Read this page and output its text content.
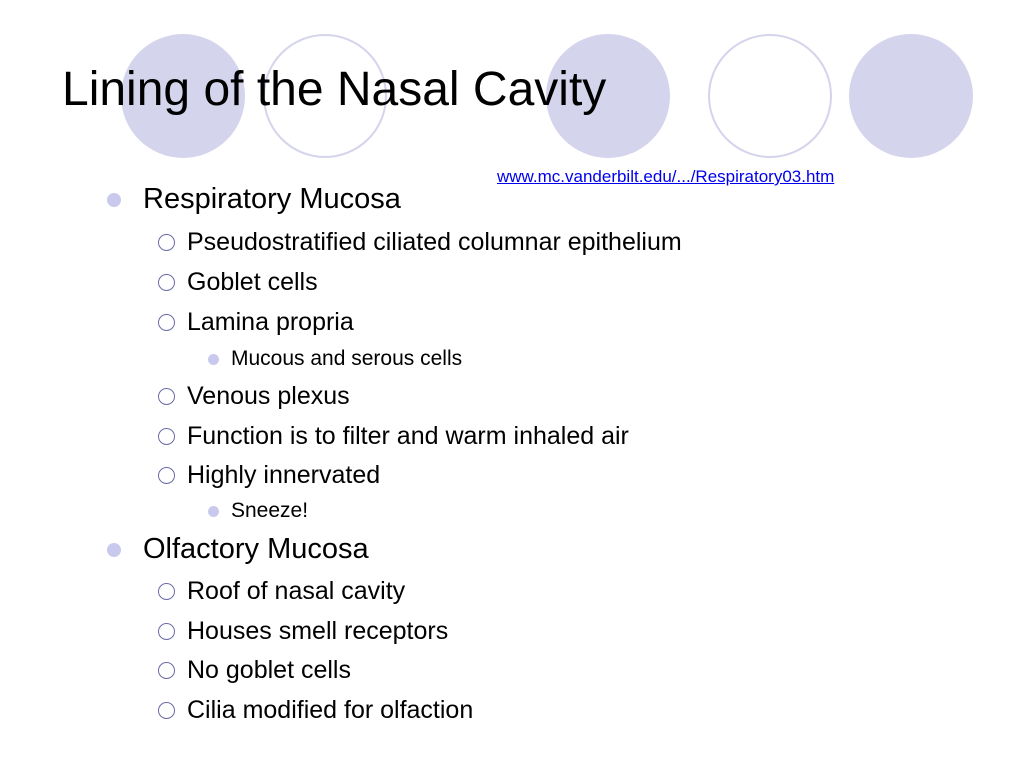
Lining of the Nasal Cavity
www.mc.vanderbilt.edu/.../Respiratory03.htm
Respiratory Mucosa
Pseudostratified ciliated columnar epithelium
Goblet cells
Lamina propria
Mucous and serous cells
Venous plexus
Function is to filter and warm inhaled air
Highly innervated
Sneeze!
Olfactory Mucosa
Roof of nasal cavity
Houses smell receptors
No goblet cells
Cilia modified for olfaction
